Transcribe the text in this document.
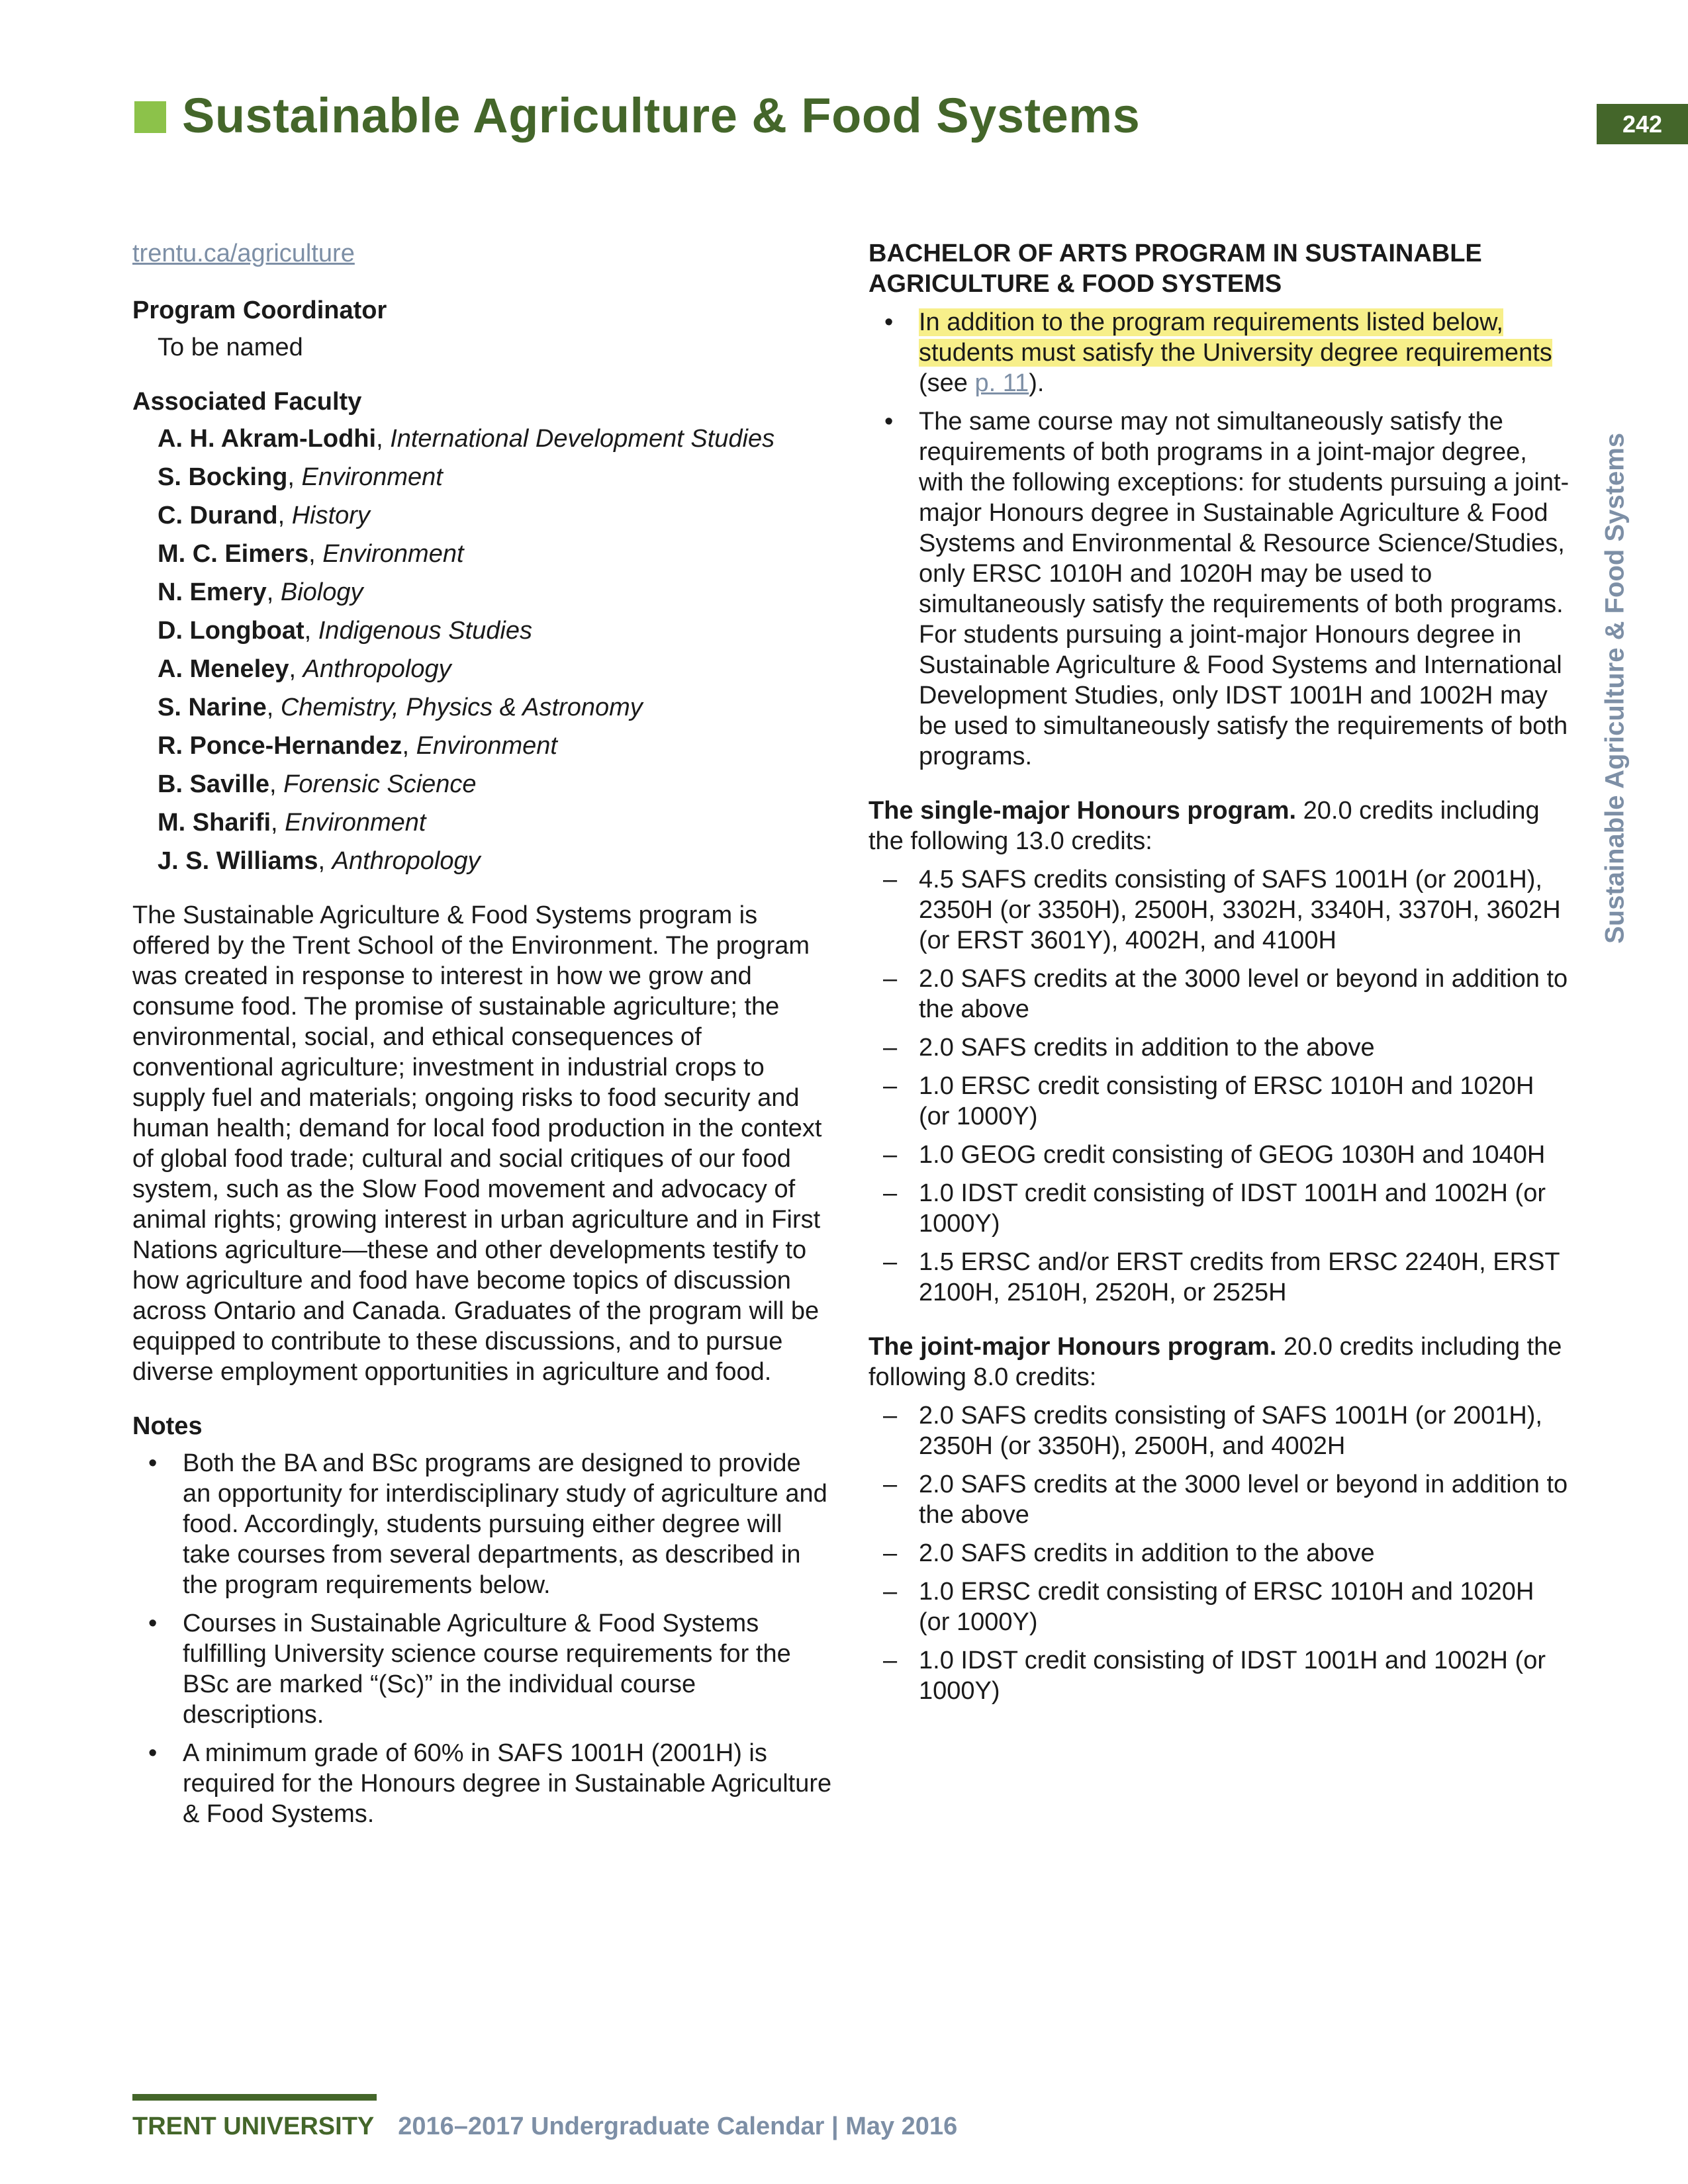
Sustainable Agriculture & Food Systems	242
Sustainable Agriculture & Food Systems
trentu.ca/agriculture

Program Coordinator

To be named

Associated Faculty

A. H. Akram-Lodhi, International Development Studies
S. Bocking, Environment
C. Durand, History
M. C. Eimers, Environment
N. Emery, Biology
D. Longboat, Indigenous Studies
A. Meneley, Anthropology
S. Narine, Chemistry, Physics & Astronomy
R. Ponce-Hernandez, Environment
B. Saville, Forensic Science
M. Sharifi, Environment
J. S. Williams, Anthropology

The Sustainable Agriculture & Food Systems program is offered by the Trent School of the Environment. The program was created in response to interest in how we grow and consume food. The promise of sustainable agriculture; the environmental, social, and ethical consequences of conventional agriculture; investment in industrial crops to supply fuel and materials; ongoing risks to food security and human health; demand for local food production in the context of global food trade; cultural and social critiques of our food system, such as the Slow Food movement and advocacy of animal rights; growing interest in urban agriculture and in First Nations agriculture—these and other developments testify to how agriculture and food have become topics of discussion across Ontario and Canada. Graduates of the program will be equipped to contribute to these discussions, and to pursue diverse employment opportunities in agriculture and food.

Notes

• Both the BA and BSc programs are designed to provide an opportunity for interdisciplinary study of agriculture and food. Accordingly, students pursuing either degree will take courses from several departments, as described in the program requirements below.
• Courses in Sustainable Agriculture & Food Systems fulfilling University science course requirements for the BSc are marked “(Sc)” in the individual course descriptions.
• A minimum grade of 60% in SAFS 1001H (2001H) is required for the Honours degree in Sustainable Agriculture & Food Systems.

BACHELOR OF ARTS PROGRAM IN SUSTAINABLE AGRICULTURE & FOOD SYSTEMS

• In addition to the program requirements listed below, students must satisfy the University degree requirements (see p. 11).
• The same course may not simultaneously satisfy the requirements of both programs in a joint-major degree, with the following exceptions: for students pursuing a joint-major Honours degree in Sustainable Agriculture & Food Systems and Environmental & Resource Science/Studies, only ERSC 1010H and 1020H may be used to simultaneously satisfy the requirements of both programs. For students pursuing a joint-major Honours degree in Sustainable Agriculture & Food Systems and International Development Studies, only IDST 1001H and 1002H may be used to simultaneously satisfy the requirements of both programs.

The single-major Honours program. 20.0 credits including the following 13.0 credits:

– 4.5 SAFS credits consisting of SAFS 1001H (or 2001H), 2350H (or 3350H), 2500H, 3302H, 3340H, 3370H, 3602H (or ERST 3601Y), 4002H, and 4100H
– 2.0 SAFS credits at the 3000 level or beyond in addition to the above
– 2.0 SAFS credits in addition to the above
– 1.0 ERSC credit consisting of ERSC 1010H and 1020H (or 1000Y)
– 1.0 GEOG credit consisting of GEOG 1030H and 1040H
– 1.0 IDST credit consisting of IDST 1001H and 1002H (or 1000Y)
– 1.5 ERSC and/or ERST credits from ERSC 2240H, ERST 2100H, 2510H, 2520H, or 2525H

The joint-major Honours program. 20.0 credits including the following 8.0 credits:

– 2.0 SAFS credits consisting of SAFS 1001H (or 2001H), 2350H (or 3350H), 2500H, and 4002H
– 2.0 SAFS credits at the 3000 level or beyond in addition to the above
– 2.0 SAFS credits in addition to the above
– 1.0 ERSC credit consisting of ERSC 1010H and 1020H (or 1000Y)
– 1.0 IDST credit consisting of IDST 1001H and 1002H (or 1000Y)
TRENT UNIVERSITY 2016–2017 Undergraduate Calendar | May 2016
